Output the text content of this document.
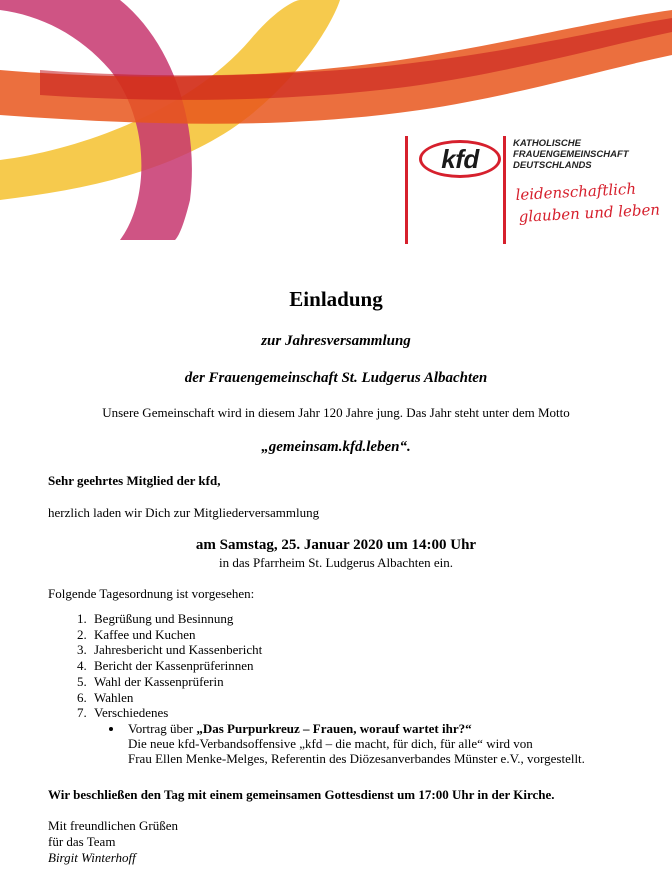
kfd	KATHOLISCHE
FRAUENGEMEINSCHAFT
DEUTSCHLANDS
leidenschaftlich
glauben und leben
Einladung
zur Jahresversammlung
der Frauengemeinschaft St. Ludgerus Albachten
Unsere Gemeinschaft wird in diesem Jahr 120 Jahre jung. Das Jahr steht unter dem Motto
„gemeinsam.kfd.leben“.
Sehr geehrtes Mitglied der kfd,
herzlich laden wir Dich zur Mitgliederversammlung
am Samstag, 25. Januar 2020 um 14:00 Uhr
in das Pfarrheim St. Ludgerus Albachten ein.
Folgende Tagesordnung ist vorgesehen:
1. Begrüßung und Besinnung
2. Kaffee und Kuchen
3. Jahresbericht und Kassenbericht
4. Bericht der Kassenprüferinnen
5. Wahl der Kassenprüferin
6. Wahlen
7. Verschiedenes
• Vortrag über „Das Purpurkreuz – Frauen, worauf wartet ihr?“
Die neue kfd-Verbandsoffensive „kfd – die macht, für dich, für alle“ wird von
Frau Ellen Menke-Melges, Referentin des Diözesanverbandes Münster e.V., vorgestellt.
Wir beschließen den Tag mit einem gemeinsamen Gottesdienst um 17:00 Uhr in der Kirche.
Mit freundlichen Grüßen
für das Team
Birgit Winterhoff
